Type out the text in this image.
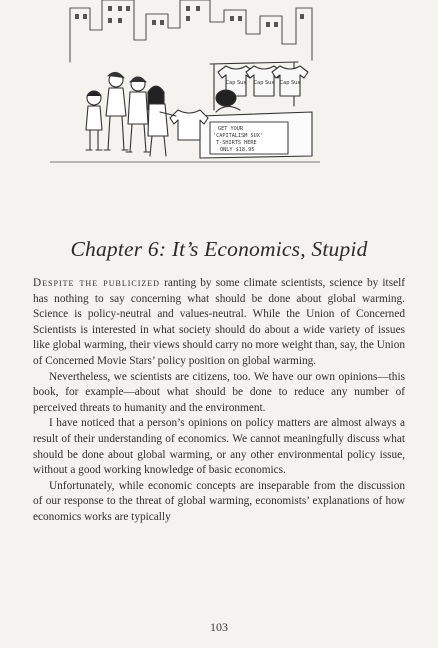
Cap Sux Cap Sux Cap Sux
GET YOUR
'CAPITALISM SUX'
T-SHIRTS HERE
ONLY $18.95
Chapter 6: It’s Economics, Stupid

Despite the publicized ranting by some climate scientists, science by itself has nothing to say concerning what should be done about global warming. Science is policy-neutral and values-neutral. While the Union of Concerned Scientists is interested in what society should do about a wide variety of issues like global warming, their views should carry no more weight than, say, the Union of Concerned Movie Stars’ policy position on global warming.

Nevertheless, we scientists are citizens, too. We have our own opinions—this book, for example—about what should be done to reduce any number of perceived threats to humanity and the environment.

I have noticed that a person’s opinions on policy matters are almost always a result of their understanding of economics. We cannot meaningfully discuss what should be done about global warming, or any other environmental policy issue, without a good working knowledge of basic economics.

Unfortunately, while economic concepts are inseparable from the discussion of our response to the threat of global warming, economists’ explanations of how economics works are typically

103
